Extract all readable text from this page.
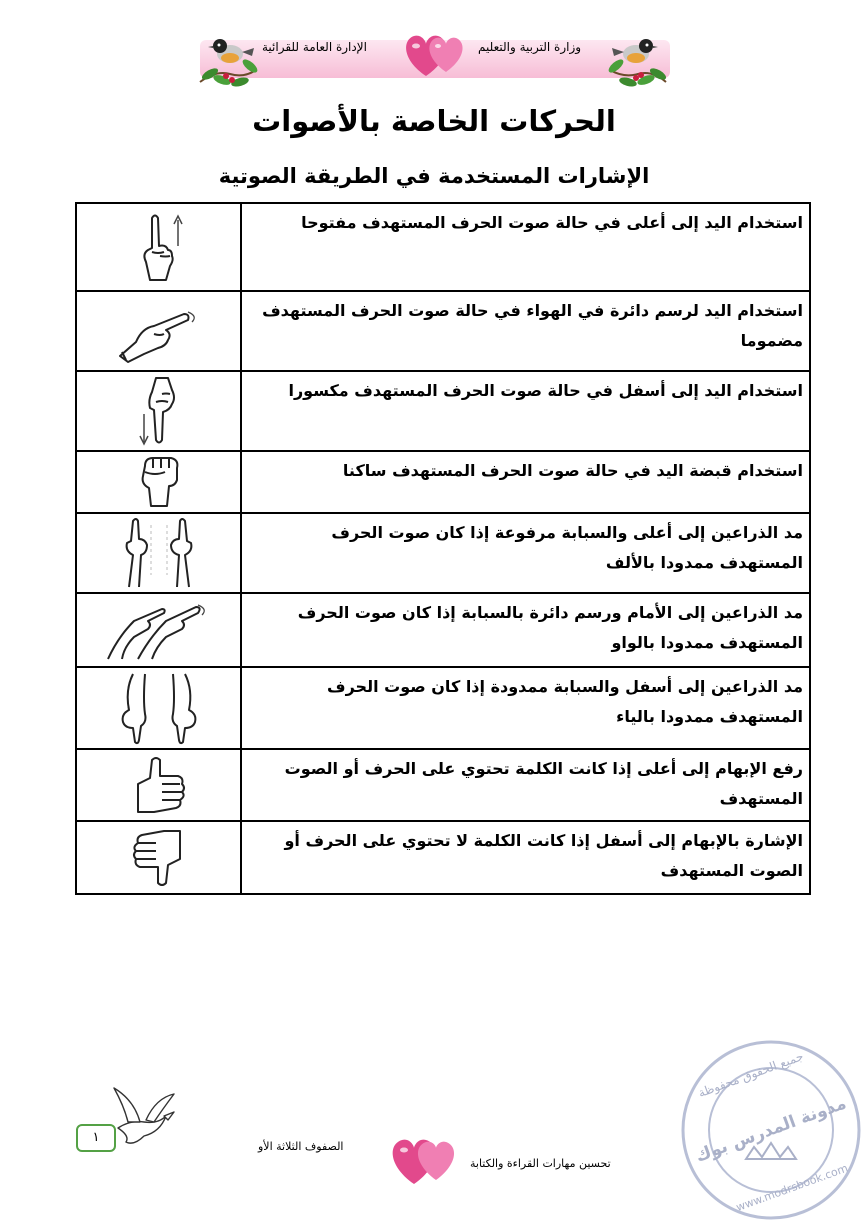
وزارة التربية والتعليم
الإدارة العامة للقرائية
الحركات الخاصة بالأصوات
الإشارات المستخدمة في الطريقة الصوتية
استخدام اليد إلى أعلى في حالة صوت الحرف المستهدف مفتوحا	

استخدام اليد لرسم دائرة في الهواء في حالة صوت الحرف المستهدف مضموما	

استخدام اليد إلى أسفل في حالة صوت الحرف المستهدف مكسورا	

استخدام قبضة اليد في حالة صوت الحرف المستهدف ساكنا	

مد الذراعين إلى أعلى والسبابة مرفوعة إذا كان صوت الحرف المستهدف ممدودا بالألف	

مد الذراعين إلى الأمام ورسم دائرة بالسبابة إذا كان صوت الحرف المستهدف ممدودا بالواو	

مد الذراعين إلى أسفل والسبابة ممدودة إذا كان صوت الحرف المستهدف ممدودا بالياء	

رفع الإبهام إلى أعلى إذا كانت الكلمة تحتوي على الحرف أو الصوت المستهدف	

الإشارة بالإبهام إلى أسفل إذا كانت الكلمة لا تحتوي على الحرف أو الصوت المستهدف	
١
تحسين مهارات القراءة والكتابة
الصفوف الثلاثة الأو
جميع الحقوق محفوظة
مدونة المدرس بوك
www.modrsbook.com
